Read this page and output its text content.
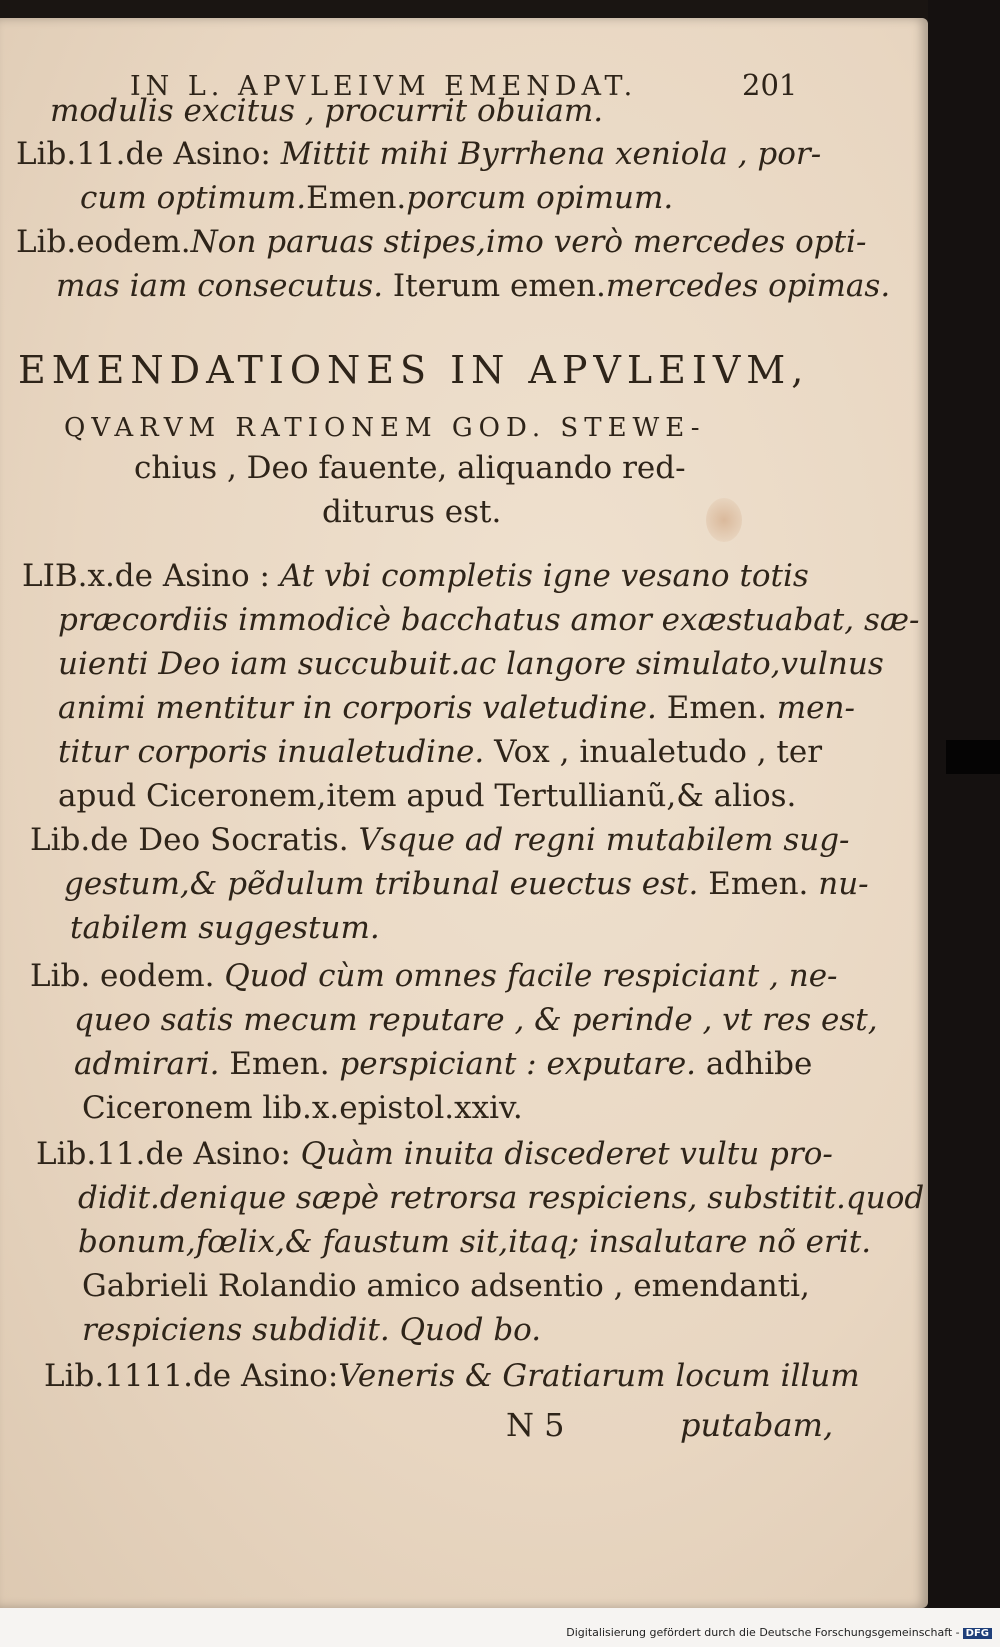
IN L. APVLEIVM EMENDAT.	201
modulis excitus , procurrit obuiam.
Lib.11.de Asino: Mittit mihi Byrrhena xeniola , por-
cum optimum.Emen.porcum opimum.
Lib.eodem.Non paruas stipes,imo verò mercedes opti-
mas iam consecutus. Iterum emen.mercedes opimas.
EMENDATIONES IN APVLEIVM,
QVARVM RATIONEM GOD. STEWE-
chius , Deo fauente, aliquando red-
diturus est.
LIB.x.de Asino : At vbi completis igne vesano totis
præcordiis immodicè bacchatus amor exæstuabat, sæ-
uienti Deo iam succubuit.ac langore simulato,vulnus
animi mentitur in corporis valetudine. Emen. men-
titur corporis inualetudine. Vox , inualetudo , ter
apud Ciceronem,item apud Tertullianũ,& alios.
Lib.de Deo Socratis. Vsque ad regni mutabilem sug-
gestum,& pẽdulum tribunal euectus est. Emen. nu-
tabilem suggestum.
Lib. eodem. Quod cùm omnes facile respiciant , ne-
queo satis mecum reputare , & perinde , vt res est,
admirari. Emen. perspiciant : exputare. adhibe
Ciceronem lib.x.epistol.xxiv.
Lib.11.de Asino: Quàm inuita discederet vultu pro-
didit.denique sæpè retrorsa respiciens, substitit.quod
bonum,fœlix,& faustum sit,itaq; insalutare nõ erit.
Gabrieli Rolandio amico adsentio , emendanti,
respiciens subdidit. Quod bo.
Lib.1111.de Asino:Veneris & Gratiarum locum illum
N 5	putabam,
Digitalisierung gefördert durch die Deutsche Forschungsgemeinschaft - DFG
